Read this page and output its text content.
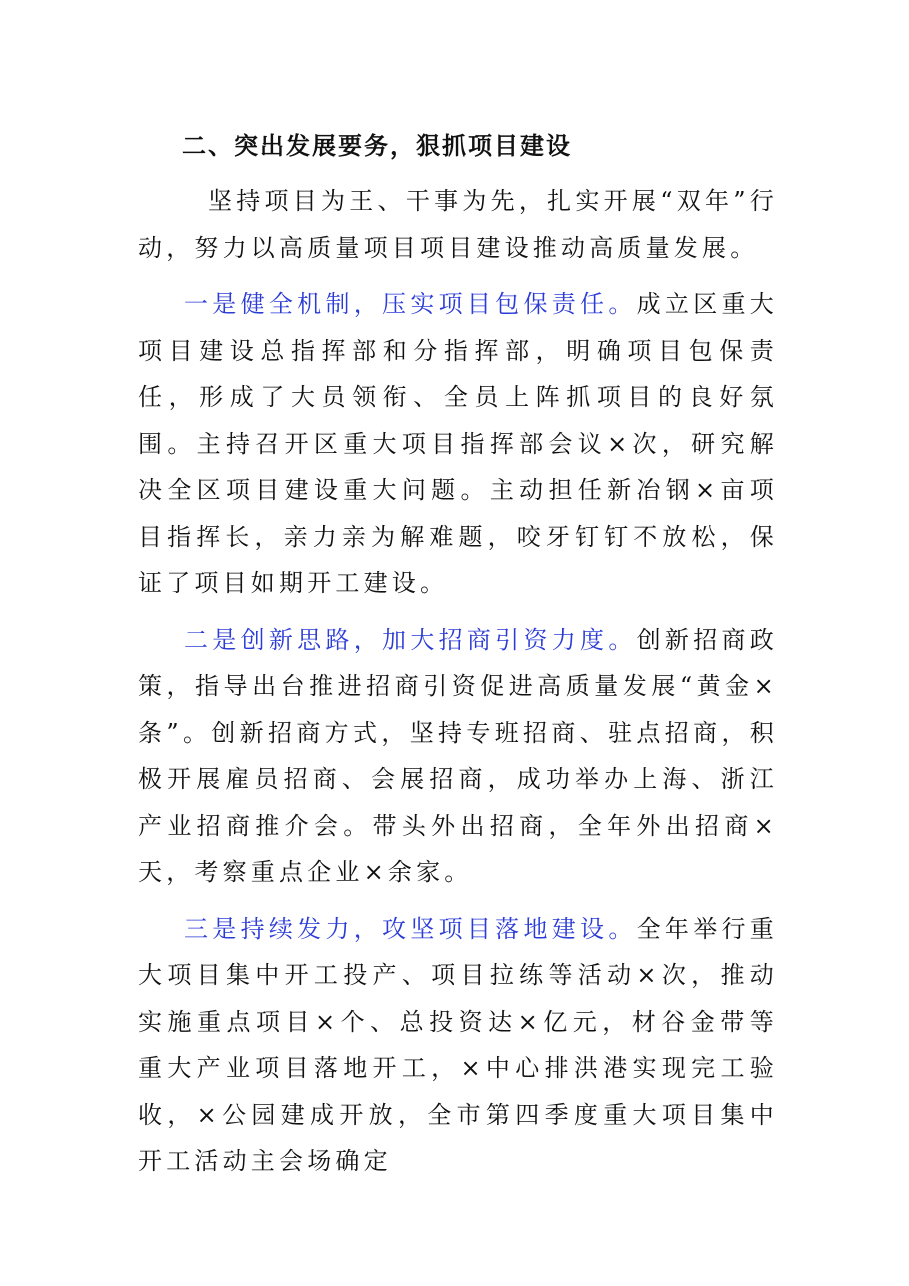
二、突出发展要务，狠抓项目建设

坚持项目为王、干事为先，扎实开展“双年”行动，努力以高质量项目项目建设推动高质量发展。

一是健全机制，压实项目包保责任。成立区重大项目建设总指挥部和分指挥部，明确项目包保责任，形成了大员领衔、全员上阵抓项目的良好氛围。主持召开区重大项目指挥部会议×次，研究解决全区项目建设重大问题。主动担任新冶钢×亩项目指挥长，亲力亲为解难题，咬牙钉钉不放松，保证了项目如期开工建设。

二是创新思路，加大招商引资力度。创新招商政策，指导出台推进招商引资促进高质量发展“黄金×条”。创新招商方式，坚持专班招商、驻点招商，积极开展雇员招商、会展招商，成功举办上海、浙江产业招商推介会。带头外出招商，全年外出招商×天，考察重点企业×余家。

三是持续发力，攻坚项目落地建设。全年举行重大项目集中开工投产、项目拉练等活动×次，推动实施重点项目×个、总投资达×亿元，材谷金带等重大产业项目落地开工，×中心排洪港实现完工验收，×公园建成开放，全市第四季度重大项目集中开工活动主会场确定
